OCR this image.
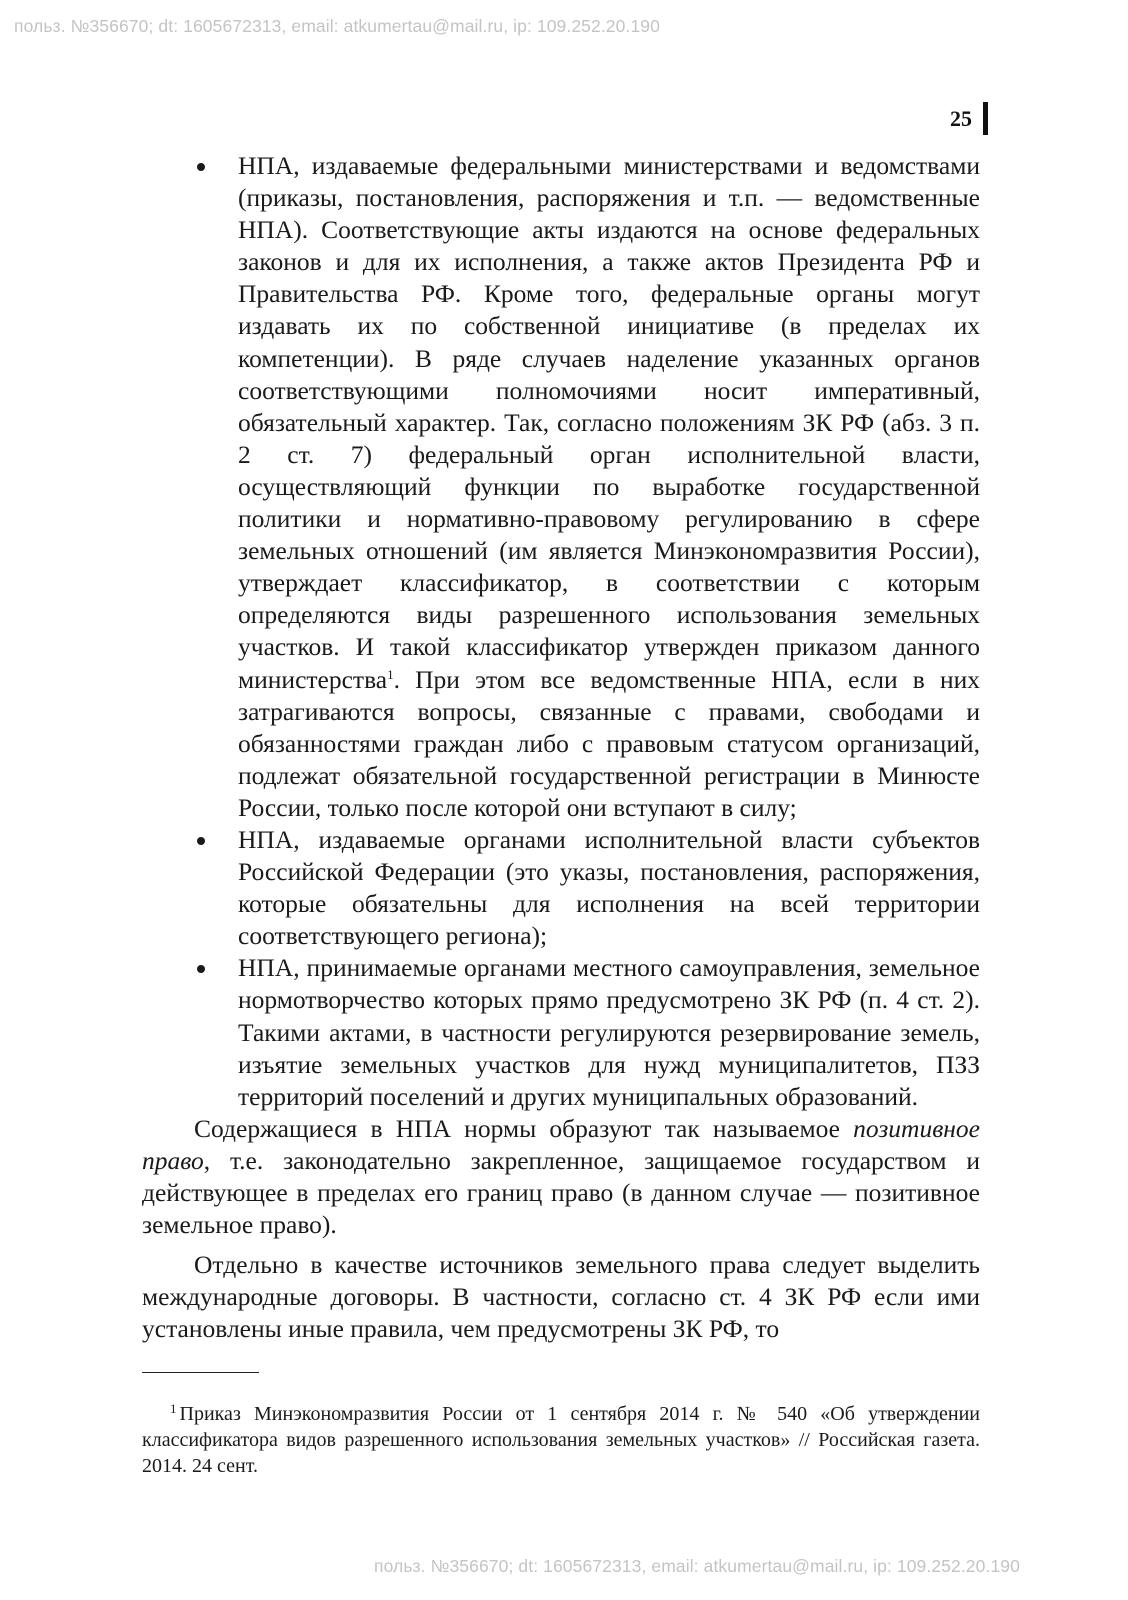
польз. №356670; dt: 1605672313, email: atkumertau@mail.ru, ip: 109.252.20.190
25

НПА, издаваемые федеральными министерствами и ведомствами (приказы, постановления, распоряжения и т.п. — ведомственные НПА). Соответствующие акты издаются на основе федеральных законов и для их исполнения, а также актов Президента РФ и Правительства РФ. Кроме того, федеральные органы могут издавать их по собственной инициативе (в пределах их компетенции). В ряде случаев наделение указанных органов соответствующими полномочиями носит императивный, обязательный характер. Так, согласно положениям ЗК РФ (абз. 3 п. 2 ст. 7) федеральный орган исполнительной власти, осуществляющий функции по выработке государственной политики и нормативно-правовому регулированию в сфере земельных отношений (им является Минэкономразвития России), утверждает классификатор, в соответствии с которым определяются виды разрешенного использования земельных участков. И такой классификатор утвержден приказом данного министерства$^1$. При этом все ведомственные НПА, если в них затрагиваются вопросы, связанные с правами, свободами и обязанностями граждан либо с правовым статусом организаций, подлежат обязательной государственной регистрации в Минюсте России, только после которой они вступают в силу;

НПА, издаваемые органами исполнительной власти субъектов Российской Федерации (это указы, постановления, распоряжения, которые обязательны для исполнения на всей территории соответствующего региона);

НПА, принимаемые органами местного самоуправления, земельное нормотворчество которых прямо предусмотрено ЗК РФ (п. 4 ст. 2). Такими актами, в частности регулируются резервирование земель, изъятие земельных участков для нужд муниципалитетов, ПЗЗ территорий поселений и других муниципальных образований.

Содержащиеся в НПА нормы образуют так называемое позитивное право, т.е. законодательно закрепленное, защищаемое государством и действующее в пределах его границ право (в данном случае — позитивное земельное право).

Отдельно в качестве источников земельного права следует выделить международные договоры. В частности, согласно ст. 4 ЗК РФ если ими установлены иные правила, чем предусмотрены ЗК РФ, то

$^1$ Приказ Минэкономразвития России от 1 сентября 2014 г. № 540 «Об утверждении классификатора видов разрешенного использования земельных участков» // Российская газета. 2014. 24 сент.

польз. №356670; dt: 1605672313, email: atkumertau@mail.ru, ip: 109.252.20.190
